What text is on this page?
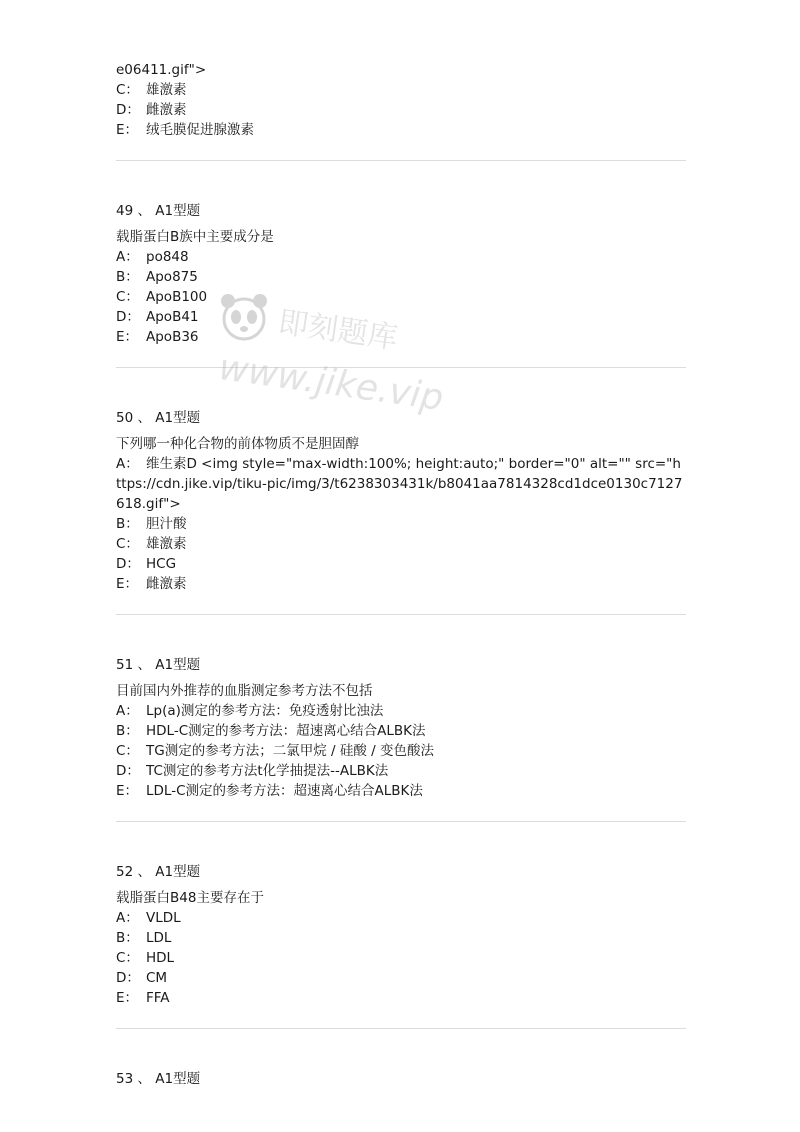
e06411.gif">
C： 雄激素
D： 雌激素
E： 绒毛膜促进腺激素
49 、 A1型题
载脂蛋白B族中主要成分是
A： po848
B： Apo875
C： ApoB100
D： ApoB41
E： ApoB36
50 、 A1型题
下列哪一种化合物的前体物质不是胆固醇
A： 维生素D <img style="max-width:100%; height:auto;" border="0" alt="" src="https://cdn.jike.vip/tiku-pic/img/3/t6238303431k/b8041aa7814328cd1dce0130c7127618.gif">
B： 胆汁酸
C： 雄激素
D： HCG
E： 雌激素
51 、 A1型题
目前国内外推荐的血脂测定参考方法不包括
A： Lp(a)测定的参考方法：免疫透射比浊法
B： HDL-C测定的参考方法：超速离心结合ALBK法
C： TG测定的参考方法；二氯甲烷 / 硅酸 / 变色酸法
D： TC测定的参考方法t化学抽提法--ALBK法
E： LDL-C测定的参考方法：超速离心结合ALBK法
52 、 A1型题
载脂蛋白B48主要存在于
A： VLDL
B： LDL
C： HDL
D： CM
E： FFA
53 、 A1型题
即刻题库
www.jike.vip
